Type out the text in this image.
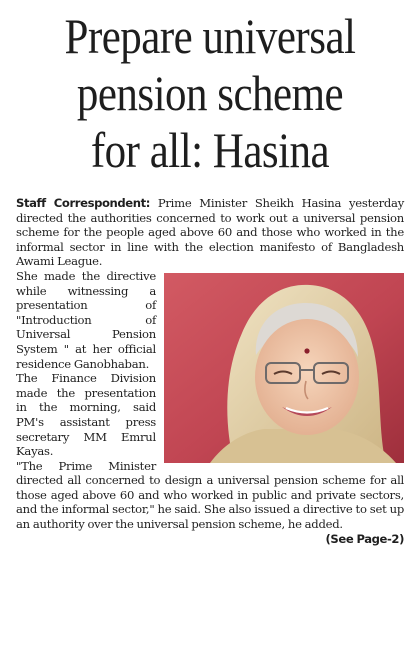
Prepare universal
pension scheme
for all: Hasina

Staff Correspondent: Prime Minister Sheikh Hasina yesterday directed the authorities concerned to work out a universal pension scheme for the people aged above 60 and those who worked in the informal sector in line with the election manifesto of Bangladesh Awami League.

She made the directive while witnessing a presentation of "Introduction of Universal Pension System " at her official residence Ganobhaban.

The Finance Division made the presentation in the morning, said PM's assistant press secretary MM Emrul Kayas.

"The Prime Minister directed all concerned to design a universal pension scheme for all those aged above 60 and who worked in public and private sectors, and the informal sector," he said. She also issued a directive to set up an authority over the universal pension scheme, he added.
(See Page-2)
